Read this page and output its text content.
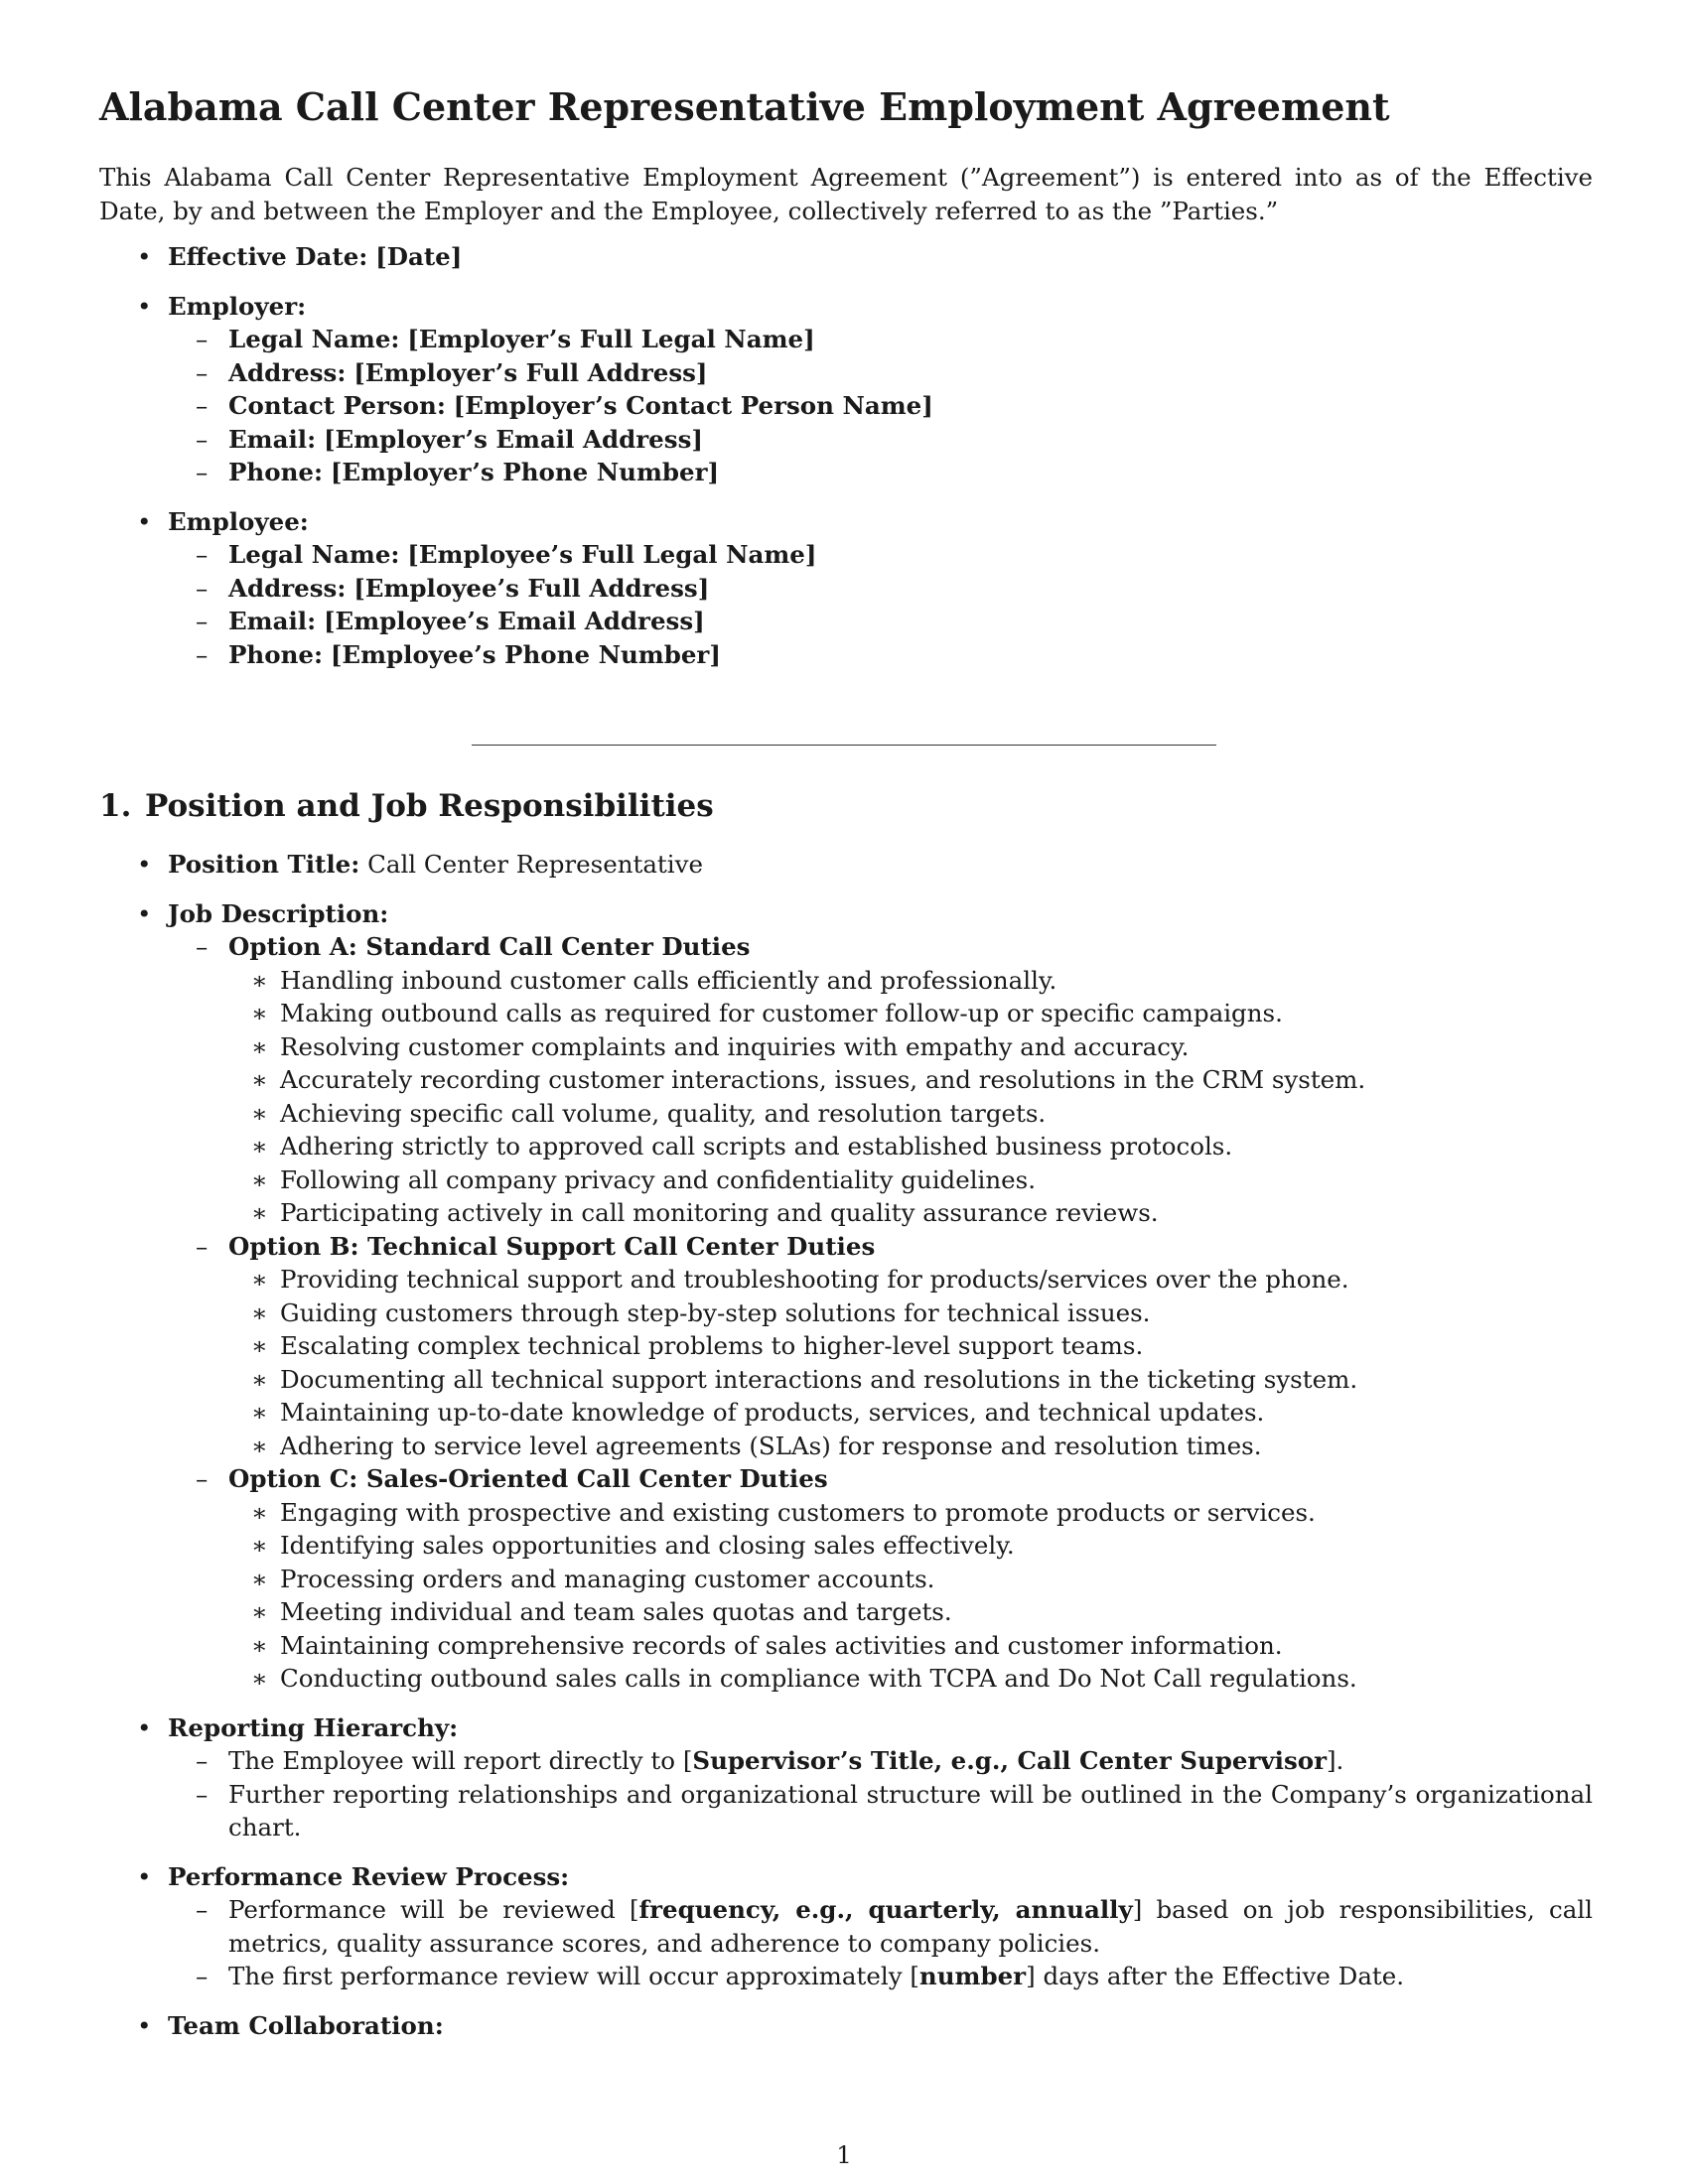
Alabama Call Center Representative Employment Agreement

This Alabama Call Center Representative Employment Agreement (”Agreement”) is entered into as of the Effective Date, by and between the Employer and the Employee, collectively referred to as the ”Parties.”

• Effective Date: [Date]
• Employer:
– Legal Name: [Employer’s Full Legal Name]
– Address: [Employer’s Full Address]
– Contact Person: [Employer’s Contact Person Name]
– Email: [Employer’s Email Address]
– Phone: [Employer’s Phone Number]
• Employee:
– Legal Name: [Employee’s Full Legal Name]
– Address: [Employee’s Full Address]
– Email: [Employee’s Email Address]
– Phone: [Employee’s Phone Number]
1. Position and Job Responsibilities
• Position Title: Call Center Representative
• Job Description:
– Option A: Standard Call Center Duties
∗ Handling inbound customer calls efficiently and professionally.
∗ Making outbound calls as required for customer follow-up or specific campaigns.
∗ Resolving customer complaints and inquiries with empathy and accuracy.
∗ Accurately recording customer interactions, issues, and resolutions in the CRM system.
∗ Achieving specific call volume, quality, and resolution targets.
∗ Adhering strictly to approved call scripts and established business protocols.
∗ Following all company privacy and confidentiality guidelines.
∗ Participating actively in call monitoring and quality assurance reviews.
– Option B: Technical Support Call Center Duties
∗ Providing technical support and troubleshooting for products/services over the phone.
∗ Guiding customers through step-by-step solutions for technical issues.
∗ Escalating complex technical problems to higher-level support teams.
∗ Documenting all technical support interactions and resolutions in the ticketing system.
∗ Maintaining up-to-date knowledge of products, services, and technical updates.
∗ Adhering to service level agreements (SLAs) for response and resolution times.
– Option C: Sales-Oriented Call Center Duties
∗ Engaging with prospective and existing customers to promote products or services.
∗ Identifying sales opportunities and closing sales effectively.
∗ Processing orders and managing customer accounts.
∗ Meeting individual and team sales quotas and targets.
∗ Maintaining comprehensive records of sales activities and customer information.
∗ Conducting outbound sales calls in compliance with TCPA and Do Not Call regulations.
• Reporting Hierarchy:
– The Employee will report directly to [Supervisor’s Title, e.g., Call Center Supervisor].
– Further reporting relationships and organizational structure will be outlined in the Company’s organizational chart.
• Performance Review Process:
– Performance will be reviewed [frequency, e.g., quarterly, annually] based on job responsibilities, call metrics, quality assurance scores, and adherence to company policies.
– The first performance review will occur approximately [number] days after the Effective Date.
• Team Collaboration:
1
